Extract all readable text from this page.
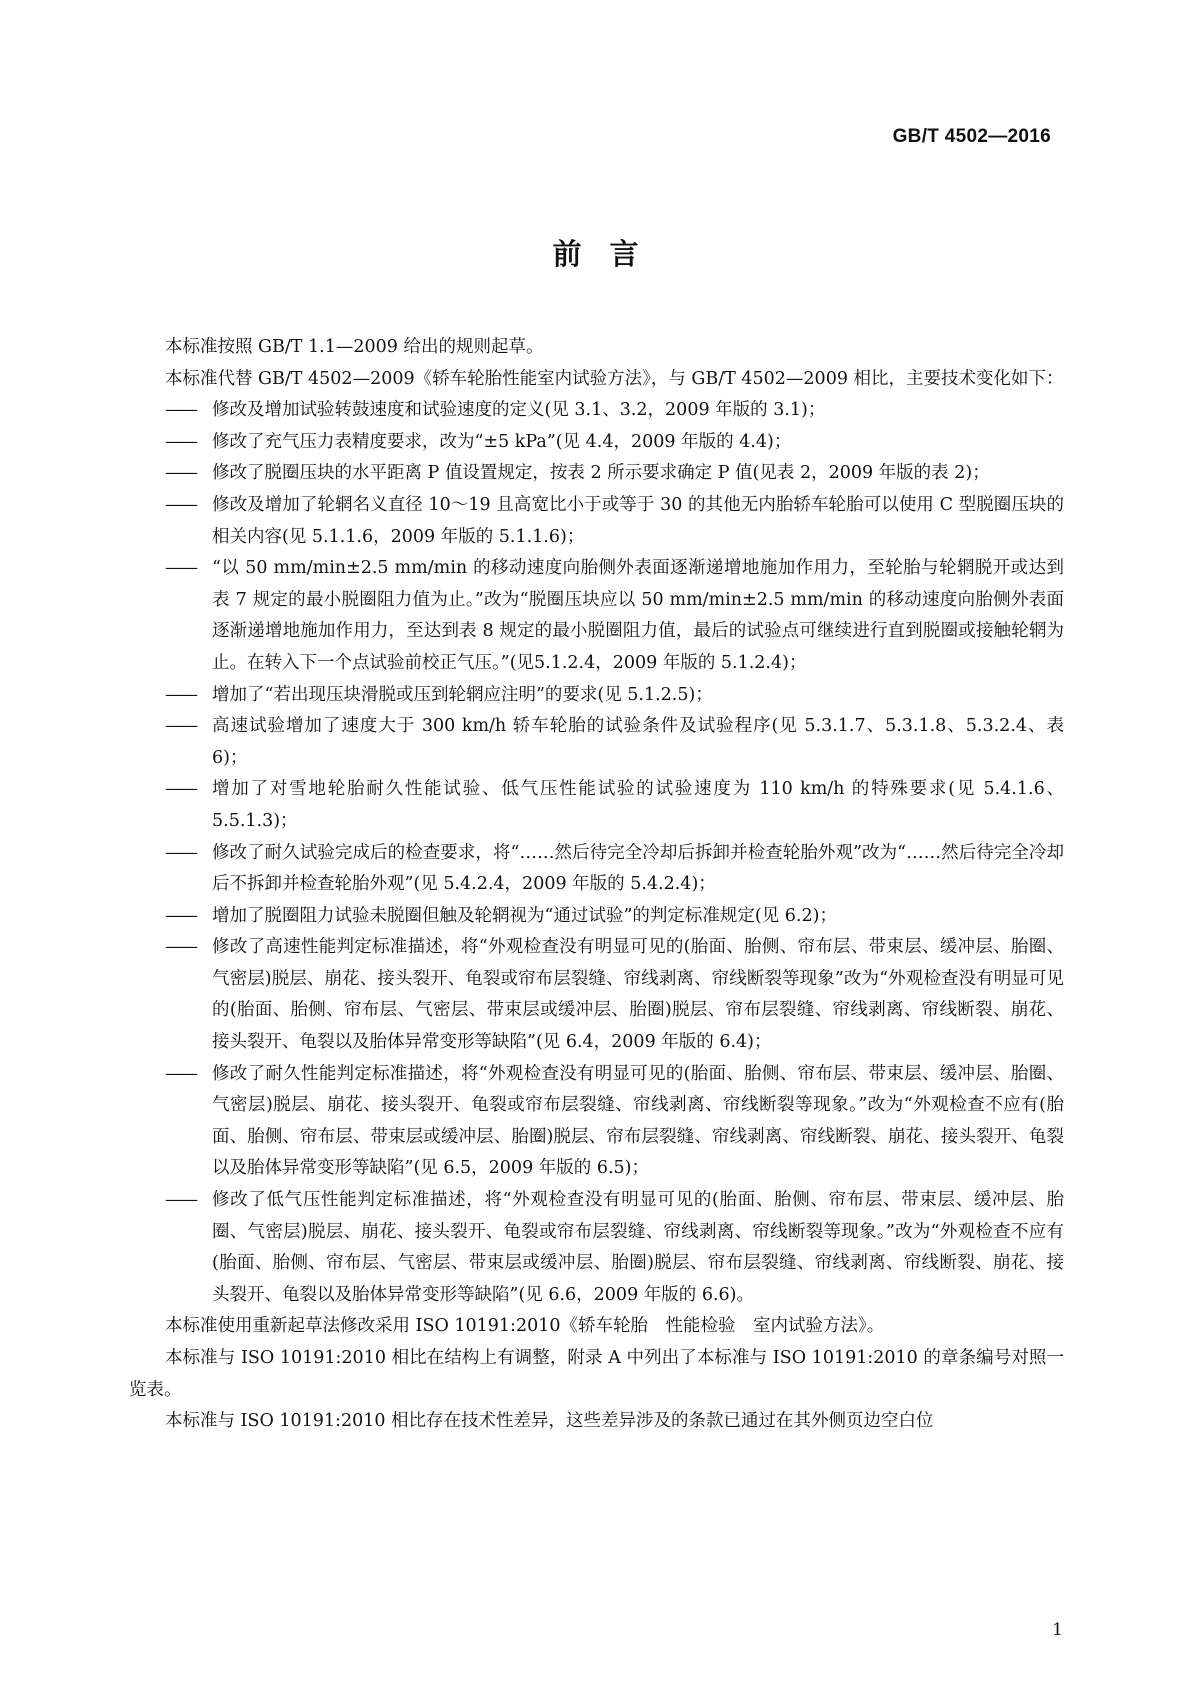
GB/T 4502—2016
前言

本标准按照 GB/T 1.1—2009 给出的规则起草。

本标准代替 GB/T 4502—2009《轿车轮胎性能室内试验方法》，与 GB/T 4502—2009 相比，主要技术变化如下：

—— 修改及增加试验转鼓速度和试验速度的定义(见 3.1、3.2，2009 年版的 3.1)；

—— 修改了充气压力表精度要求，改为“±5 kPa”(见 4.4，2009 年版的 4.4)；

—— 修改了脱圈压块的水平距离 P 值设置规定，按表 2 所示要求确定 P 值(见表 2，2009 年版的表 2)；

—— 修改及增加了轮辋名义直径 10～19 且高宽比小于或等于 30 的其他无内胎轿车轮胎可以使用 C 型脱圈压块的相关内容(见 5.1.1.6，2009 年版的 5.1.1.6)；

—— “以 50 mm/min±2.5 mm/min 的移动速度向胎侧外表面逐渐递增地施加作用力，至轮胎与轮辋脱开或达到表 7 规定的最小脱圈阻力值为止。”改为“脱圈压块应以 50 mm/min±2.5 mm/min 的移动速度向胎侧外表面逐渐递增地施加作用力，至达到表 8 规定的最小脱圈阻力值，最后的试验点可继续进行直到脱圈或接触轮辋为止。在转入下一个点试验前校正气压。”(见5.1.2.4，2009 年版的 5.1.2.4)；

—— 增加了“若出现压块滑脱或压到轮辋应注明”的要求(见 5.1.2.5)；

—— 高速试验增加了速度大于 300 km/h 轿车轮胎的试验条件及试验程序(见 5.3.1.7、5.3.1.8、5.3.2.4、表 6)；

—— 增加了对雪地轮胎耐久性能试验、低气压性能试验的试验速度为 110 km/h 的特殊要求(见 5.4.1.6、5.5.1.3)；

—— 修改了耐久试验完成后的检查要求，将“……然后待完全冷却后拆卸并检查轮胎外观”改为“……然后待完全冷却后不拆卸并检查轮胎外观”(见 5.4.2.4，2009 年版的 5.4.2.4)；

—— 增加了脱圈阻力试验未脱圈但触及轮辋视为“通过试验”的判定标准规定(见 6.2)；

—— 修改了高速性能判定标准描述，将“外观检查没有明显可见的(胎面、胎侧、帘布层、带束层、缓冲层、胎圈、气密层)脱层、崩花、接头裂开、龟裂或帘布层裂缝、帘线剥离、帘线断裂等现象”改为“外观检查没有明显可见的(胎面、胎侧、帘布层、气密层、带束层或缓冲层、胎圈)脱层、帘布层裂缝、帘线剥离、帘线断裂、崩花、接头裂开、龟裂以及胎体异常变形等缺陷”(见 6.4，2009 年版的 6.4)；

—— 修改了耐久性能判定标准描述，将“外观检查没有明显可见的(胎面、胎侧、帘布层、带束层、缓冲层、胎圈、气密层)脱层、崩花、接头裂开、龟裂或帘布层裂缝、帘线剥离、帘线断裂等现象。”改为“外观检查不应有(胎面、胎侧、帘布层、带束层或缓冲层、胎圈)脱层、帘布层裂缝、帘线剥离、帘线断裂、崩花、接头裂开、龟裂以及胎体异常变形等缺陷”(见 6.5，2009 年版的 6.5)；

—— 修改了低气压性能判定标准描述，将“外观检查没有明显可见的(胎面、胎侧、帘布层、带束层、缓冲层、胎圈、气密层)脱层、崩花、接头裂开、龟裂或帘布层裂缝、帘线剥离、帘线断裂等现象。”改为“外观检查不应有(胎面、胎侧、帘布层、气密层、带束层或缓冲层、胎圈)脱层、帘布层裂缝、帘线剥离、帘线断裂、崩花、接头裂开、龟裂以及胎体异常变形等缺陷”(见 6.6，2009 年版的 6.6)。

本标准使用重新起草法修改采用 ISO 10191:2010《轿车轮胎　性能检验　室内试验方法》。

本标准与 ISO 10191:2010 相比在结构上有调整，附录 A 中列出了本标准与 ISO 10191:2010 的章条编号对照一览表。

本标准与 ISO 10191:2010 相比存在技术性差异，这些差异涉及的条款已通过在其外侧页边空白位

1
